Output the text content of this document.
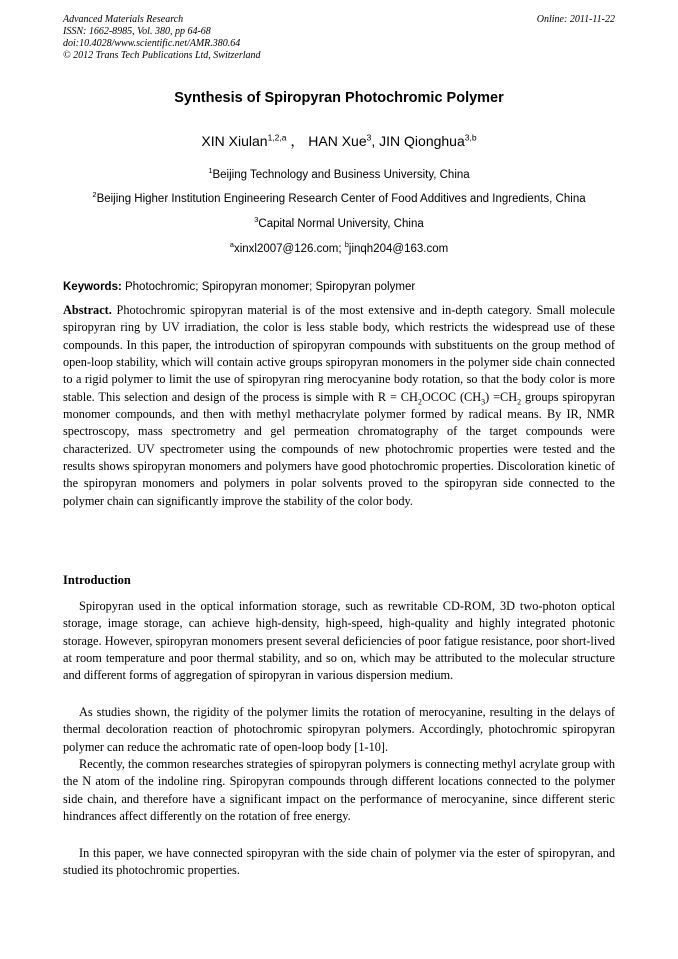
Advanced Materials Research
ISSN: 1662-8985, Vol. 380, pp 64-68
doi:10.4028/www.scientific.net/AMR.380.64
© 2012 Trans Tech Publications Ltd, Switzerland
Online: 2011-11-22
Synthesis of Spiropyran Photochromic Polymer
XIN Xiulan$^{1,2,a}$ ， HAN Xue$^3$, JIN Qionghua$^{3,b}$
$^1$Beijing Technology and Business University, China
$^2$Beijing Higher Institution Engineering Research Center of Food Additives and Ingredients, China
$^3$Capital Normal University, China
$^a$xinxl2007@126.com; $^b$jinqh204@163.com
Keywords: Photochromic; Spiropyran monomer; Spiropyran polymer

Abstract. Photochromic spiropyran material is of the most extensive and in-depth category. Small molecule spiropyran ring by UV irradiation, the color is less stable body, which restricts the widespread use of these compounds. In this paper, the introduction of spiropyran compounds with substituents on the group method of open-loop stability, which will contain active groups spiropyran monomers in the polymer side chain connected to a rigid polymer to limit the use of spiropyran ring merocyanine body rotation, so that the body color is more stable. This selection and design of the process is simple with $R = CH_2OCOC$ $(CH_3) =CH_2$ groups spiropyran monomer compounds, and then with methyl methacrylate polymer formed by radical means. By IR, NMR spectroscopy, mass spectrometry and gel permeation chromatography of the target compounds were characterized. UV spectrometer using the compounds of new photochromic properties were tested and the results shows spiropyran monomers and polymers have good photochromic properties. Discoloration kinetic of the spiropyran monomers and polymers in polar solvents proved to the spiropyran side connected to the polymer chain can significantly improve the stability of the color body.

Introduction

Spiropyran used in the optical information storage, such as rewritable CD-ROM, 3D two-photon optical storage, image storage, can achieve high-density, high-speed, high-quality and highly integrated photonic storage. However, spiropyran monomers present several deficiencies of poor fatigue resistance, poor short-lived at room temperature and poor thermal stability, and so on, which may be attributed to the molecular structure and different forms of aggregation of spiropyran in various dispersion medium.

As studies shown, the rigidity of the polymer limits the rotation of merocyanine, resulting in the delays of thermal decoloration reaction of photochromic spiropyran polymers. Accordingly, photochromic spiropyran polymer can reduce the achromatic rate of open-loop body [1-10].

Recently, the common researches strategies of spiropyran polymers is connecting methyl acrylate group with the N atom of the indoline ring. Spiropyran compounds through different locations connected to the polymer side chain, and therefore have a significant impact on the performance of merocyanine, since different steric hindrances affect differently on the rotation of free energy.

In this paper, we have connected spiropyran with the side chain of polymer via the ester of spiropyran, and studied its photochromic properties.
